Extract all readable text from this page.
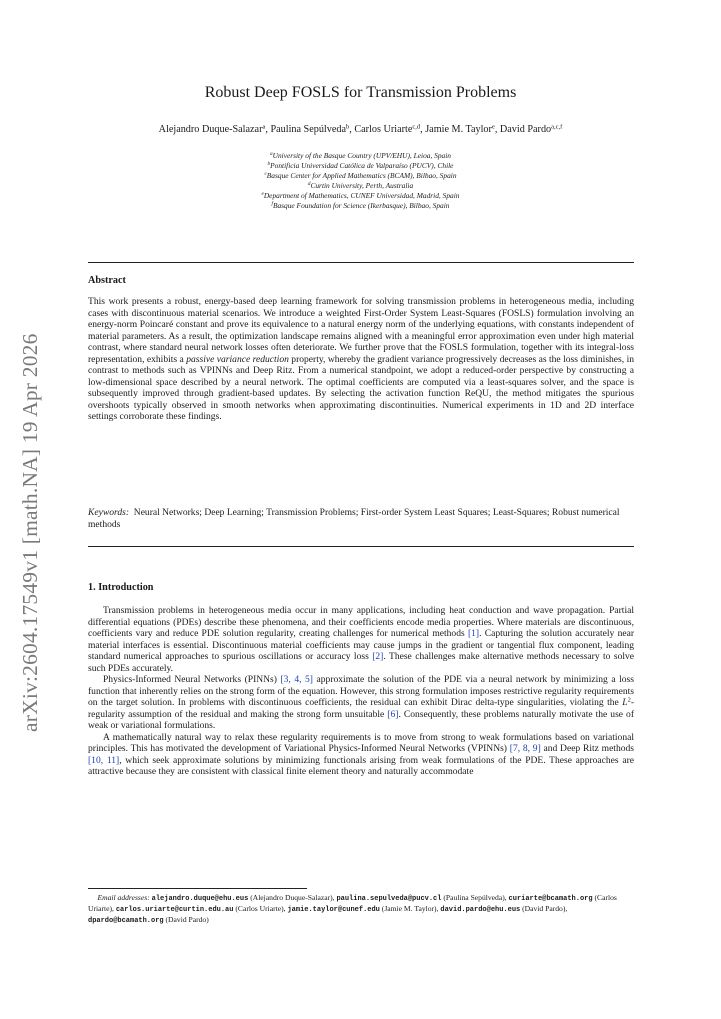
arXiv:2604.17549v1 [math.NA] 19 Apr 2026
Robust Deep FOSLS for Transmission Problems
Alejandro Duque-Salazar$^a$, Paulina Sepúlveda$^b$, Carlos Uriarte$^{c,d}$, Jamie M. Taylor$^e$, David Pardo$^{a,c,f}$
$^a$University of the Basque Country (UPV/EHU), Leioa, Spain
$^b$Pontificia Universidad Católica de Valparaíso (PUCV), Chile
$^c$Basque Center for Applied Mathematics (BCAM), Bilbao, Spain
$^d$Curtin University, Perth, Australia
$^e$Department of Mathematics, CUNEF Universidad, Madrid, Spain
$^f$Basque Foundation for Science (Ikerbasque), Bilbao, Spain
Abstract
This work presents a robust, energy-based deep learning framework for solving transmission problems in heterogeneous media, including cases with discontinuous material scenarios. We introduce a weighted First-Order System Least-Squares (FOSLS) formulation involving an energy-norm Poincaré constant and prove its equivalence to a natural energy norm of the underlying equations, with constants independent of material parameters. As a result, the optimization landscape remains aligned with a meaningful error approximation even under high material contrast, where standard neural network losses often deteriorate. We further prove that the FOSLS formulation, together with its integral-loss representation, exhibits a passive variance reduction property, whereby the gradient variance progressively decreases as the loss diminishes, in contrast to methods such as VPINNs and Deep Ritz. From a numerical standpoint, we adopt a reduced-order perspective by constructing a low-dimensional space described by a neural network. The optimal coefficients are computed via a least-squares solver, and the space is subsequently improved through gradient-based updates. By selecting the activation function ReQU, the method mitigates the spurious overshoots typically observed in smooth networks when approximating discontinuities. Numerical experiments in 1D and 2D interface settings corroborate these findings.
Keywords: Neural Networks; Deep Learning; Transmission Problems; First-order System Least Squares; Least-Squares; Robust numerical methods
1. Introduction
Transmission problems in heterogeneous media occur in many applications, including heat conduction and wave propagation. Partial differential equations (PDEs) describe these phenomena, and their coefficients encode media properties. Where materials are discontinuous, coefficients vary and reduce PDE solution regularity, creating challenges for numerical methods [1]. Capturing the solution accurately near material interfaces is essential. Discontinuous material coefficients may cause jumps in the gradient or tangential flux component, leading standard numerical approaches to spurious oscillations or accuracy loss [2]. These challenges make alternative methods necessary to solve such PDEs accurately.
Physics-Informed Neural Networks (PINNs) [3, 4, 5] approximate the solution of the PDE via a neural network by minimizing a loss function that inherently relies on the strong form of the equation. However, this strong formulation imposes restrictive regularity requirements on the target solution. In problems with discontinuous coefficients, the residual can exhibit Dirac delta-type singularities, violating the $L^2$-regularity assumption of the residual and making the strong form unsuitable [6]. Consequently, these problems naturally motivate the use of weak or variational formulations.
A mathematically natural way to relax these regularity requirements is to move from strong to weak formulations based on variational principles. This has motivated the development of Variational Physics-Informed Neural Networks (VPINNs) [7, 8, 9] and Deep Ritz methods [10, 11], which seek approximate solutions by minimizing functionals arising from weak formulations of the PDE. These approaches are attractive because they are consistent with classical finite element theory and naturally accommodate
Email addresses: alejandro.duque@ehu.eus (Alejandro Duque-Salazar), paulina.sepulveda@pucv.cl (Paulina Sepúlveda), curiarte@bcamath.org (Carlos Uriarte), carlos.uriarte@curtin.edu.au (Carlos Uriarte), jamie.taylor@cunef.edu (Jamie M. Taylor), david.pardo@ehu.eus (David Pardo), dpardo@bcamath.org (David Pardo)
